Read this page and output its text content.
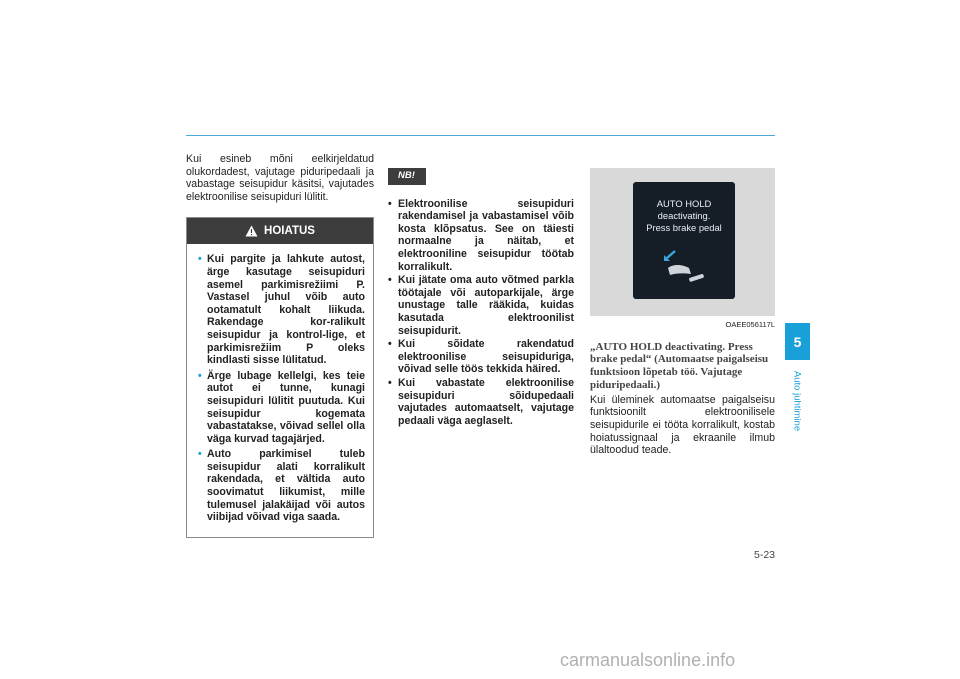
Kui esineb mõni eelkirjeldatud olukordadest, vajutage piduripedaali ja vabastage seisupidur käsitsi, vajutades elektroonilise seisupiduri lülitit.
HOIATUS
• Kui pargite ja lahkute autost, ärge kasutage seisupiduri asemel parkimisrežiimi P. Vastasel juhul võib auto ootamatult kohalt liikuda. Rakendage kor-ralikult seisupidur ja kontrol-lige, et parkimisrežiim P oleks kindlasti sisse lülitatud.
• Ärge lubage kellelgi, kes teie autot ei tunne, kunagi seisupiduri lülitit puutuda. Kui seisupidur kogemata vabastatakse, võivad sellel olla väga kurvad tagajärjed.
• Auto parkimisel tuleb seisupidur alati korralikult rakendada, et vältida auto soovimatut liikumist, mille tulemusel jalakäijad või autos viibijad võivad viga saada.
NB!
• Elektroonilise seisupiduri rakendamisel ja vabastamisel võib kosta klõpsatus. See on täiesti normaalne ja näitab, et elektrooniline seisupidur töötab korralikult.
• Kui jätate oma auto võtmed parkla töötajale või autoparkijale, ärge unustage talle rääkida, kuidas kasutada elektroonilist seisupidurit.
• Kui sõidate rakendatud elektroonilise seisupiduriga, võivad selle töös tekkida häired.
• Kui vabastate elektroonilise seisupiduri sõidupedaali vajutades automaatselt, vajutage pedaali väga aeglaselt.
AUTO HOLD
deactivating.
Press brake pedal
OAEE056117L
„AUTO HOLD deactivating. Press brake pedal“ (Automaatse paigalseisu funktsioon lõpetab töö. Vajutage piduripedaali.)
Kui üleminek automaatse paigalseisu funktsioonilt elektroonilisele seisupidurile ei tööta korralikult, kostab hoiatussignaal ja ekraanile ilmub ülaltoodud teade.
5
Auto juhtimine
5-23
carmanualsonline.info
